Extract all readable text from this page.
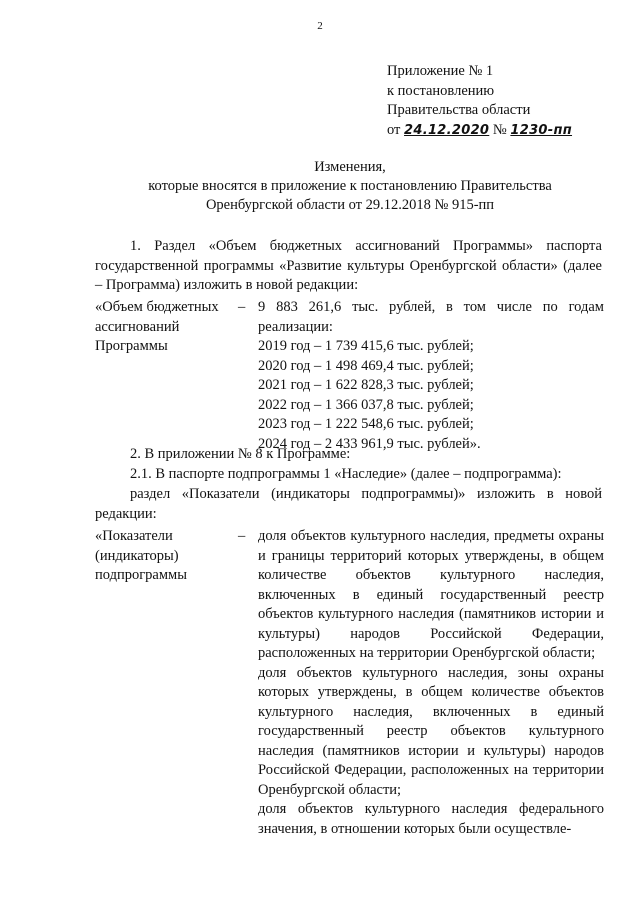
2
Приложение № 1
к постановлению
Правительства области
от 24.12.2020 № 1230-пп
Изменения,
которые вносятся в приложение к постановлению Правительства
Оренбургской области от 29.12.2018 № 915-пп

1. Раздел «Объем бюджетных ассигнований Программы» паспорта государственной программы «Развитие культуры Оренбургской области» (далее – Программа) изложить в новой редакции:

«Объем бюджетных ассигнований Программы
– 9 883 261,6 тыс. рублей, в том числе по годам реализации:
2019 год – 1 739 415,6 тыс. рублей;
2020 год – 1 498 469,4 тыс. рублей;
2021 год – 1 622 828,3 тыс. рублей;
2022 год – 1 366 037,8 тыс. рублей;
2023 год – 1 222 548,6 тыс. рублей;
2024 год – 2 433 961,9 тыс. рублей».
2. В приложении № 8 к Программе:
2.1. В паспорте подпрограммы 1 «Наследие» (далее – подпрограмма):

раздел «Показатели (индикаторы подпрограммы)» изложить в новой редакции:

«Показатели (индикаторы) подпрограммы
– доля объектов культурного наследия, предметы охраны и границы территорий которых утверждены, в общем количестве объектов культурного наследия, включенных в единый государственный реестр объектов культурного наследия (памятников истории и культуры) народов Российской Федерации, расположенных на территории Оренбургской области;
доля объектов культурного наследия, зоны охраны которых утверждены, в общем количестве объектов культурного наследия, включенных в единый государственный реестр объектов культурного наследия (памятников истории и культуры) народов Российской Федерации, расположенных на территории Оренбургской области;
доля объектов культурного наследия федерального значения, в отношении которых были осуществле-
